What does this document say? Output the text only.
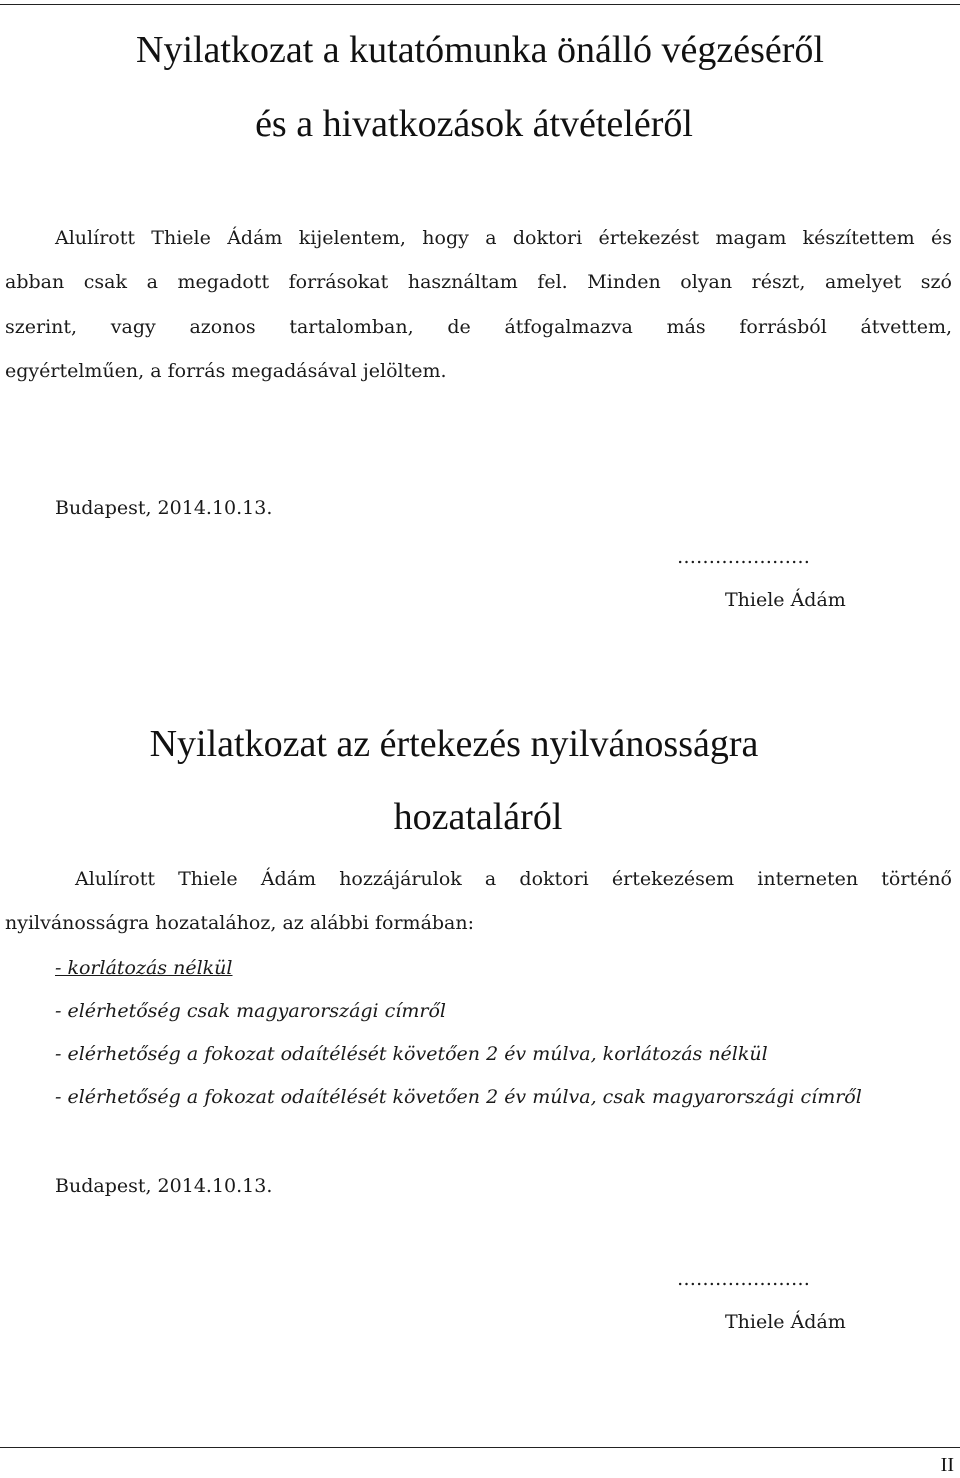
Nyilatkozat a kutatómunka önálló végzéséről
és a hivatkozások átvételéről
Alulírott Thiele Ádám kijelentem, hogy a doktori értekezést magam készítettem és
abban csak a megadott forrásokat használtam fel. Minden olyan részt, amelyet szó
szerint, vagy azonos tartalomban, de átfogalmazva más forrásból átvettem,
egyértelműen, a forrás megadásával jelöltem.
Budapest, 2014.10.13.
…………………
Thiele Ádám
Nyilatkozat az értekezés nyilvánosságra
hozataláról
Alulírott Thiele Ádám hozzájárulok a doktori értekezésem interneten történő
nyilvánosságra hozatalához, az alábbi formában:
- korlátozás nélkül
- elérhetőség csak magyarországi címről
- elérhetőség a fokozat odaítélését követően 2 év múlva, korlátozás nélkül
- elérhetőség a fokozat odaítélését követően 2 év múlva, csak magyarországi címről
Budapest, 2014.10.13.
…………………
Thiele Ádám
II
